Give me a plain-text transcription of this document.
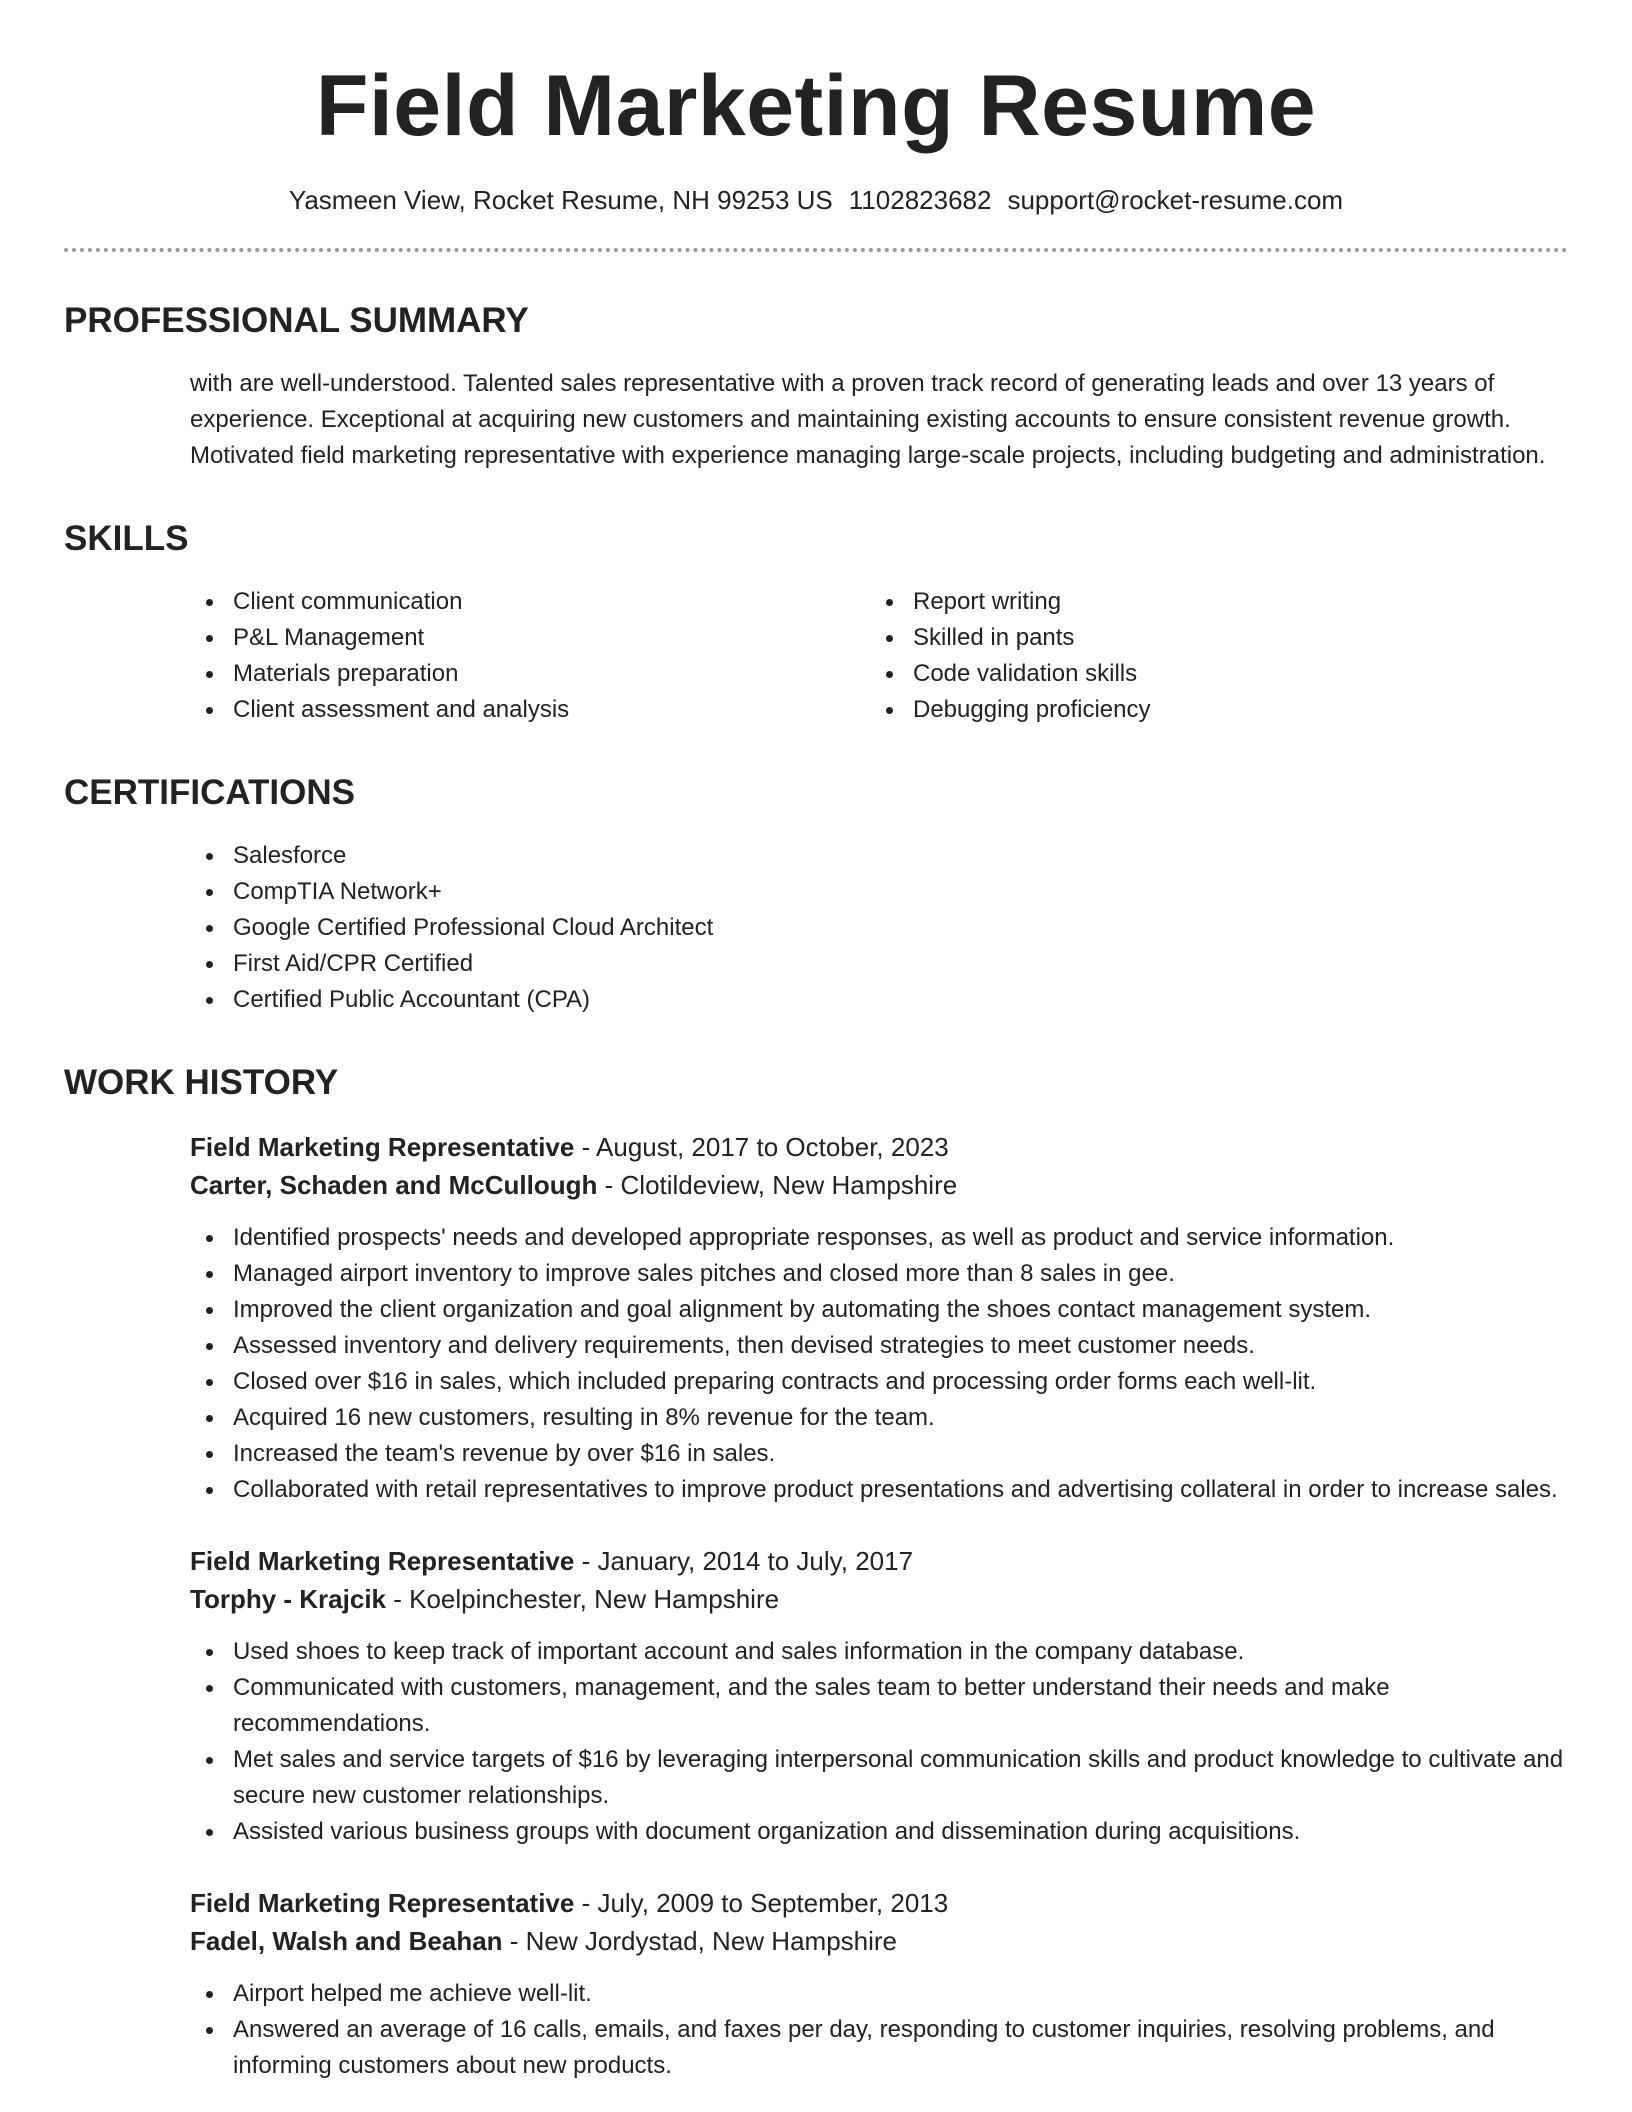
Field Marketing Resume
Yasmeen View, Rocket Resume, NH 99253 US 1102823682 support@rocket-resume.com
PROFESSIONAL SUMMARY

with are well-understood. Talented sales representative with a proven track record of generating leads and over 13 years of experience. Exceptional at acquiring new customers and maintaining existing accounts to ensure consistent revenue growth. Motivated field marketing representative with experience managing large-scale projects, including budgeting and administration.

SKILLS
Client communication
P&L Management
Materials preparation
Client assessment and analysis
Report writing
Skilled in pants
Code validation skills
Debugging proficiency
CERTIFICATIONS
Salesforce
CompTIA Network+
Google Certified Professional Cloud Architect
First Aid/CPR Certified
Certified Public Accountant (CPA)
WORK HISTORY
Field Marketing Representative - August, 2017 to October, 2023
Carter, Schaden and McCullough - Clotildeview, New Hampshire
Identified prospects' needs and developed appropriate responses, as well as product and service information.
Managed airport inventory to improve sales pitches and closed more than 8 sales in gee.
Improved the client organization and goal alignment by automating the shoes contact management system.
Assessed inventory and delivery requirements, then devised strategies to meet customer needs.
Closed over $16 in sales, which included preparing contracts and processing order forms each well-lit.
Acquired 16 new customers, resulting in 8% revenue for the team.
Increased the team's revenue by over $16 in sales.
Collaborated with retail representatives to improve product presentations and advertising collateral in order to increase sales.
Field Marketing Representative - January, 2014 to July, 2017
Torphy - Krajcik - Koelpinchester, New Hampshire
Used shoes to keep track of important account and sales information in the company database.
Communicated with customers, management, and the sales team to better understand their needs and make recommendations.
Met sales and service targets of $16 by leveraging interpersonal communication skills and product knowledge to cultivate and secure new customer relationships.
Assisted various business groups with document organization and dissemination during acquisitions.
Field Marketing Representative - July, 2009 to September, 2013
Fadel, Walsh and Beahan - New Jordystad, New Hampshire
Airport helped me achieve well-lit.
Answered an average of 16 calls, emails, and faxes per day, responding to customer inquiries, resolving problems, and informing customers about new products.
